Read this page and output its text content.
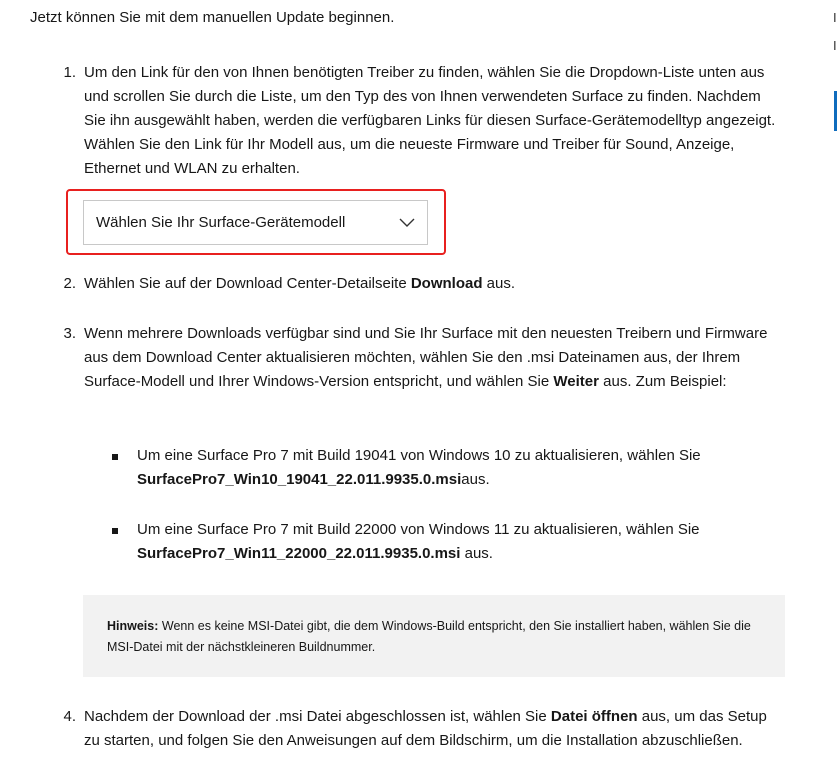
Jetzt können Sie mit dem manuellen Update beginnen.

1. Um den Link für den von Ihnen benötigten Treiber zu finden, wählen Sie die Dropdown-Liste unten aus und scrollen Sie durch die Liste, um den Typ des von Ihnen verwendeten Surface zu finden. Nachdem Sie ihn ausgewählt haben, werden die verfügbaren Links für diesen Surface-Gerätemodelltyp angezeigt. Wählen Sie den Link für Ihr Modell aus, um die neueste Firmware und Treiber für Sound, Anzeige, Ethernet und WLAN zu erhalten.
Wählen Sie Ihr Surface-Gerätemodell
2. Wählen Sie auf der Download Center-Detailseite Download aus.
3. Wenn mehrere Downloads verfügbar sind und Sie Ihr Surface mit den neuesten Treibern und Firmware aus dem Download Center aktualisieren möchten, wählen Sie den .msi Dateinamen aus, der Ihrem Surface-Modell und Ihrer Windows-Version entspricht, und wählen Sie Weiter aus. Zum Beispiel:
Um eine Surface Pro 7 mit Build 19041 von Windows 10 zu aktualisieren, wählen Sie SurfacePro7_Win10_19041_22.011.9935.0.msiaus.
Um eine Surface Pro 7 mit Build 22000 von Windows 11 zu aktualisieren, wählen Sie SurfacePro7_Win11_22000_22.011.9935.0.msi aus.
Hinweis: Wenn es keine MSI-Datei gibt, die dem Windows-Build entspricht, den Sie installiert haben, wählen Sie die MSI-Datei mit der nächstkleineren Buildnummer.
4. Nachdem der Download der .msi Datei abgeschlossen ist, wählen Sie Datei öffnen aus, um das Setup zu starten, und folgen Sie den Anweisungen auf dem Bildschirm, um die Installation abzuschließen.
I
I
